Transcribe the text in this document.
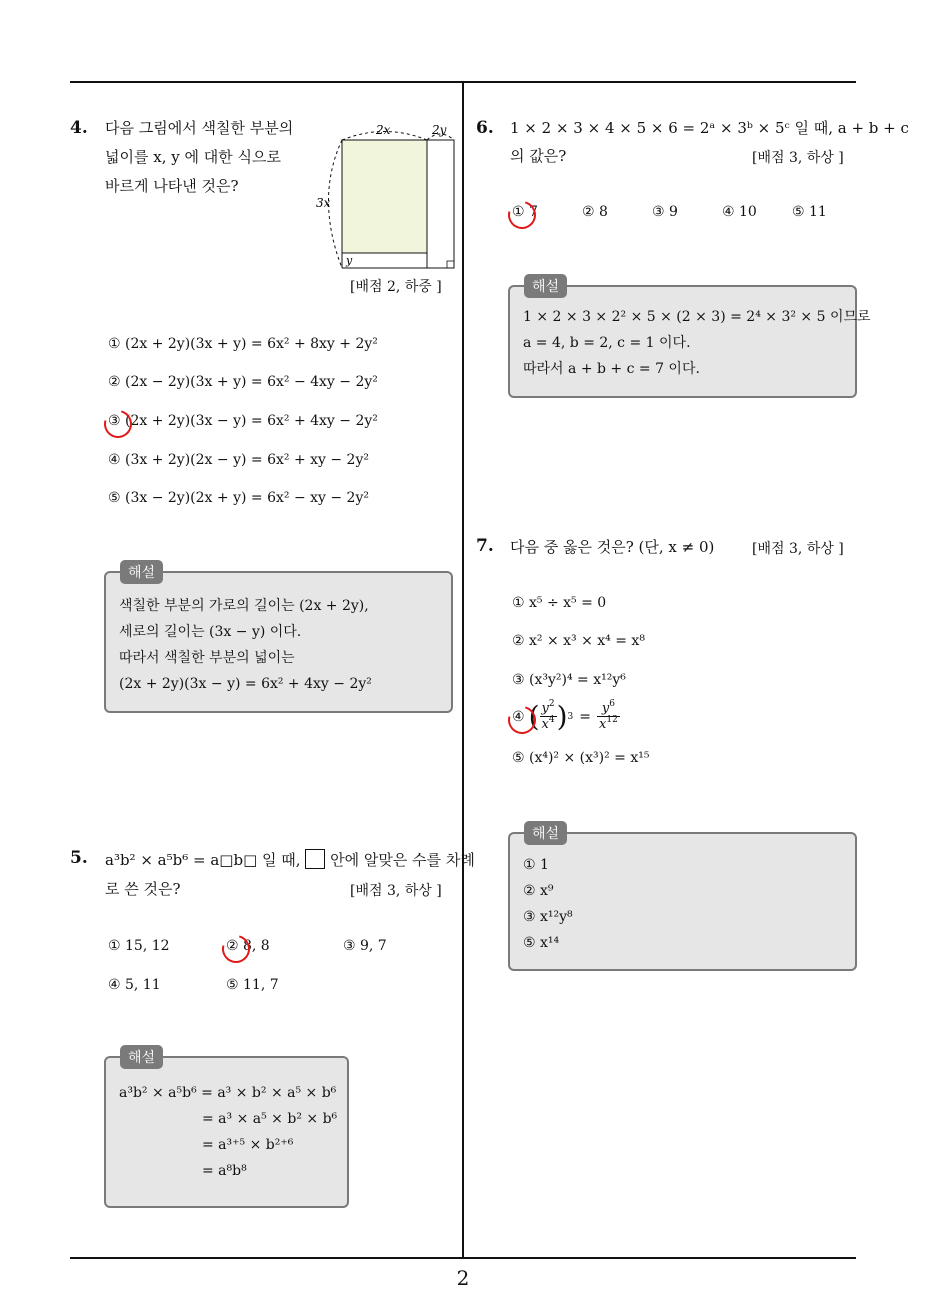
2
4. 다음 그림에서 색칠한 부분의
넓이를 x, y 에 대한 식으로
바르게 나타낸 것은?
2x	2y
3x
y
[배점 2, 하중 ]
① (2x + 2y)(3x + y) = 6x² + 8xy + 2y²
② (2x − 2y)(3x + y) = 6x² − 4xy − 2y²
③ (2x + 2y)(3x − y) = 6x² + 4xy − 2y²
④ (3x + 2y)(2x − y) = 6x² + xy − 2y²
⑤ (3x − 2y)(2x + y) = 6x² − xy − 2y²
색칠한 부분의 가로의 길이는 (2x + 2y),
세로의 길이는 (3x − y) 이다.
따라서 색칠한 부분의 넓이는
(2x + 2y)(3x − y) = 6x² + 4xy − 2y²
해설
5. a³b² × a⁵b⁶ = a□b□ 일 때, 안에 알맞은 수를 차례
로 쓴 것은?	[배점 3, 하상 ]
① 15, 12	② 8, 8	③ 9, 7
④ 5, 11	⑤ 11, 7
a³b² × a⁵b⁶ = a³ × b² × a⁵ × b⁶
= a³ × a⁵ × b² × b⁶
= a³⁺⁵ × b²⁺⁶
= a⁸b⁸
해설
6. 1 × 2 × 3 × 4 × 5 × 6 = 2ᵃ × 3ᵇ × 5ᶜ 일 때, a + b + c
의 값은?	[배점 3, 하상 ]
① 7	② 8	③ 9	④ 10	⑤ 11
1 × 2 × 3 × 2² × 5 × (2 × 3) = 2⁴ × 3² × 5 이므로
a = 4, b = 2, c = 1 이다.
따라서 a + b + c = 7 이다.
해설
7. 다음 중 옳은 것은? (단, x ≠ 0)	[배점 3, 하상 ]
① x⁵ ÷ x⁵ = 0
② x² × x³ × x⁴ = x⁸
③ (x³y²)⁴ = x¹²y⁶
④ ( $\frac{y^2}{x^4}$ ) $3 = \frac{y^6}{x^{12}}$
⑤ (x⁴)² × (x³)² = x¹⁵
① 1
② x⁹
③ x¹²y⁸
⑤ x¹⁴
해설
